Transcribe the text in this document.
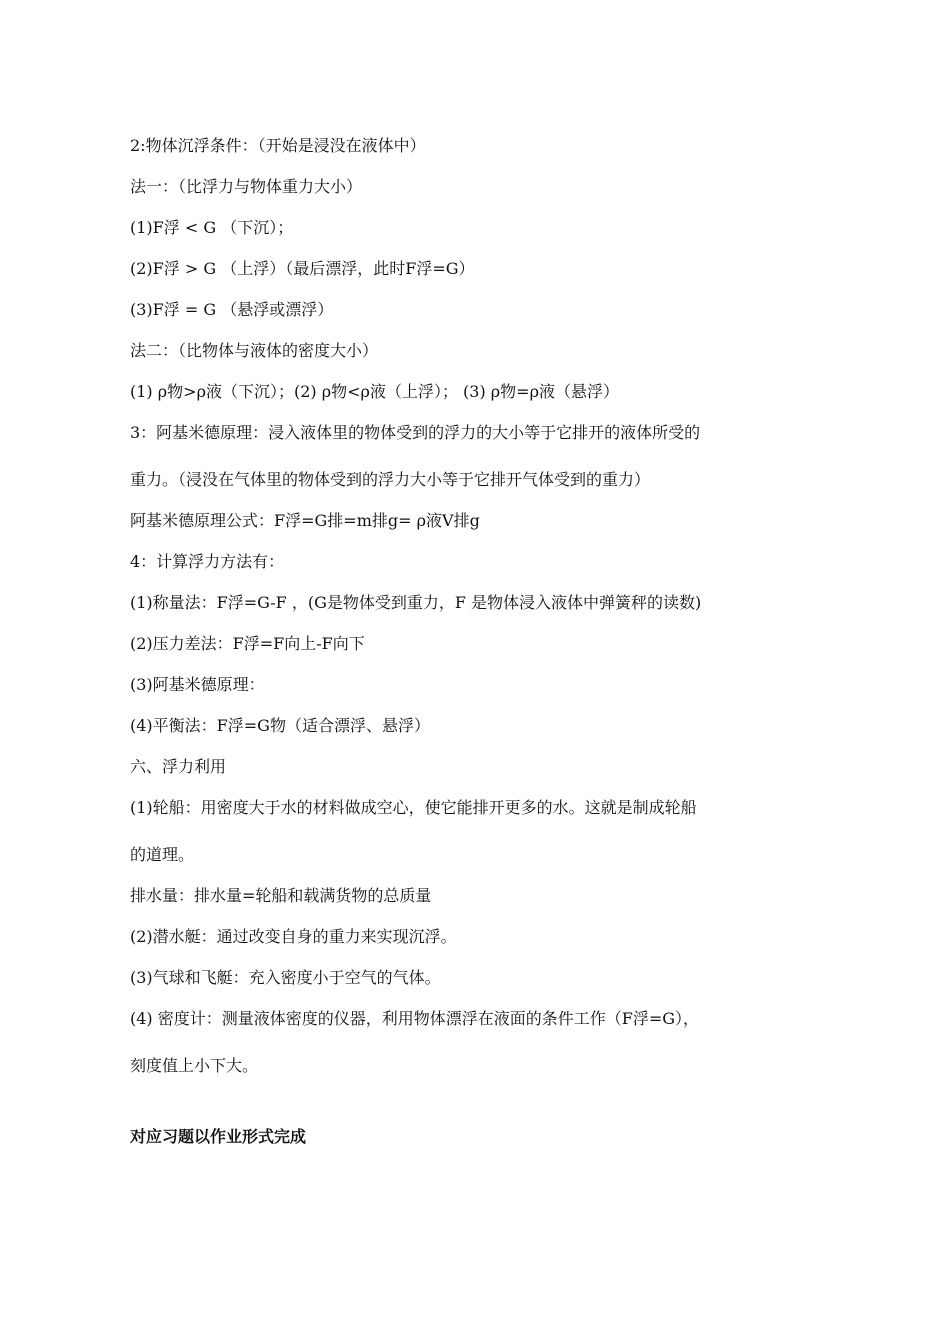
2:物体沉浮条件：（开始是浸没在液体中）
法一：（比浮力与物体重力大小）
(1)F浮 < G （下沉）；
(2)F浮 > G （上浮）（最后漂浮，此时F浮=G）
(3)F浮 = G （悬浮或漂浮）
法二：（比物体与液体的密度大小）
(1) ρ物>ρ液（下沉）；(2) ρ物<ρ液（上浮）； (3) ρ物=ρ液（悬浮）
3：阿基米德原理：浸入液体里的物体受到的浮力的大小等于它排开的液体所受的
重力。（浸没在气体里的物体受到的浮力大小等于它排开气体受到的重力）
阿基米德原理公式：F浮=G排=m排g= ρ液V排g
4：计算浮力方法有：
(1)称量法：F浮=G-F ，(G是物体受到重力，F 是物体浸入液体中弹簧秤的读数)
(2)压力差法：F浮=F向上-F向下
(3)阿基米德原理：
(4)平衡法：F浮=G物（适合漂浮、悬浮）
六、浮力利用
(1)轮船：用密度大于水的材料做成空心，使它能排开更多的水。这就是制成轮船
的道理。
排水量：排水量=轮船和载满货物的总质量
(2)潜水艇：通过改变自身的重力来实现沉浮。
(3)气球和飞艇：充入密度小于空气的气体。
(4) 密度计：测量液体密度的仪器，利用物体漂浮在液面的条件工作（F浮=G），
刻度值上小下大。
对应习题以作业形式完成
